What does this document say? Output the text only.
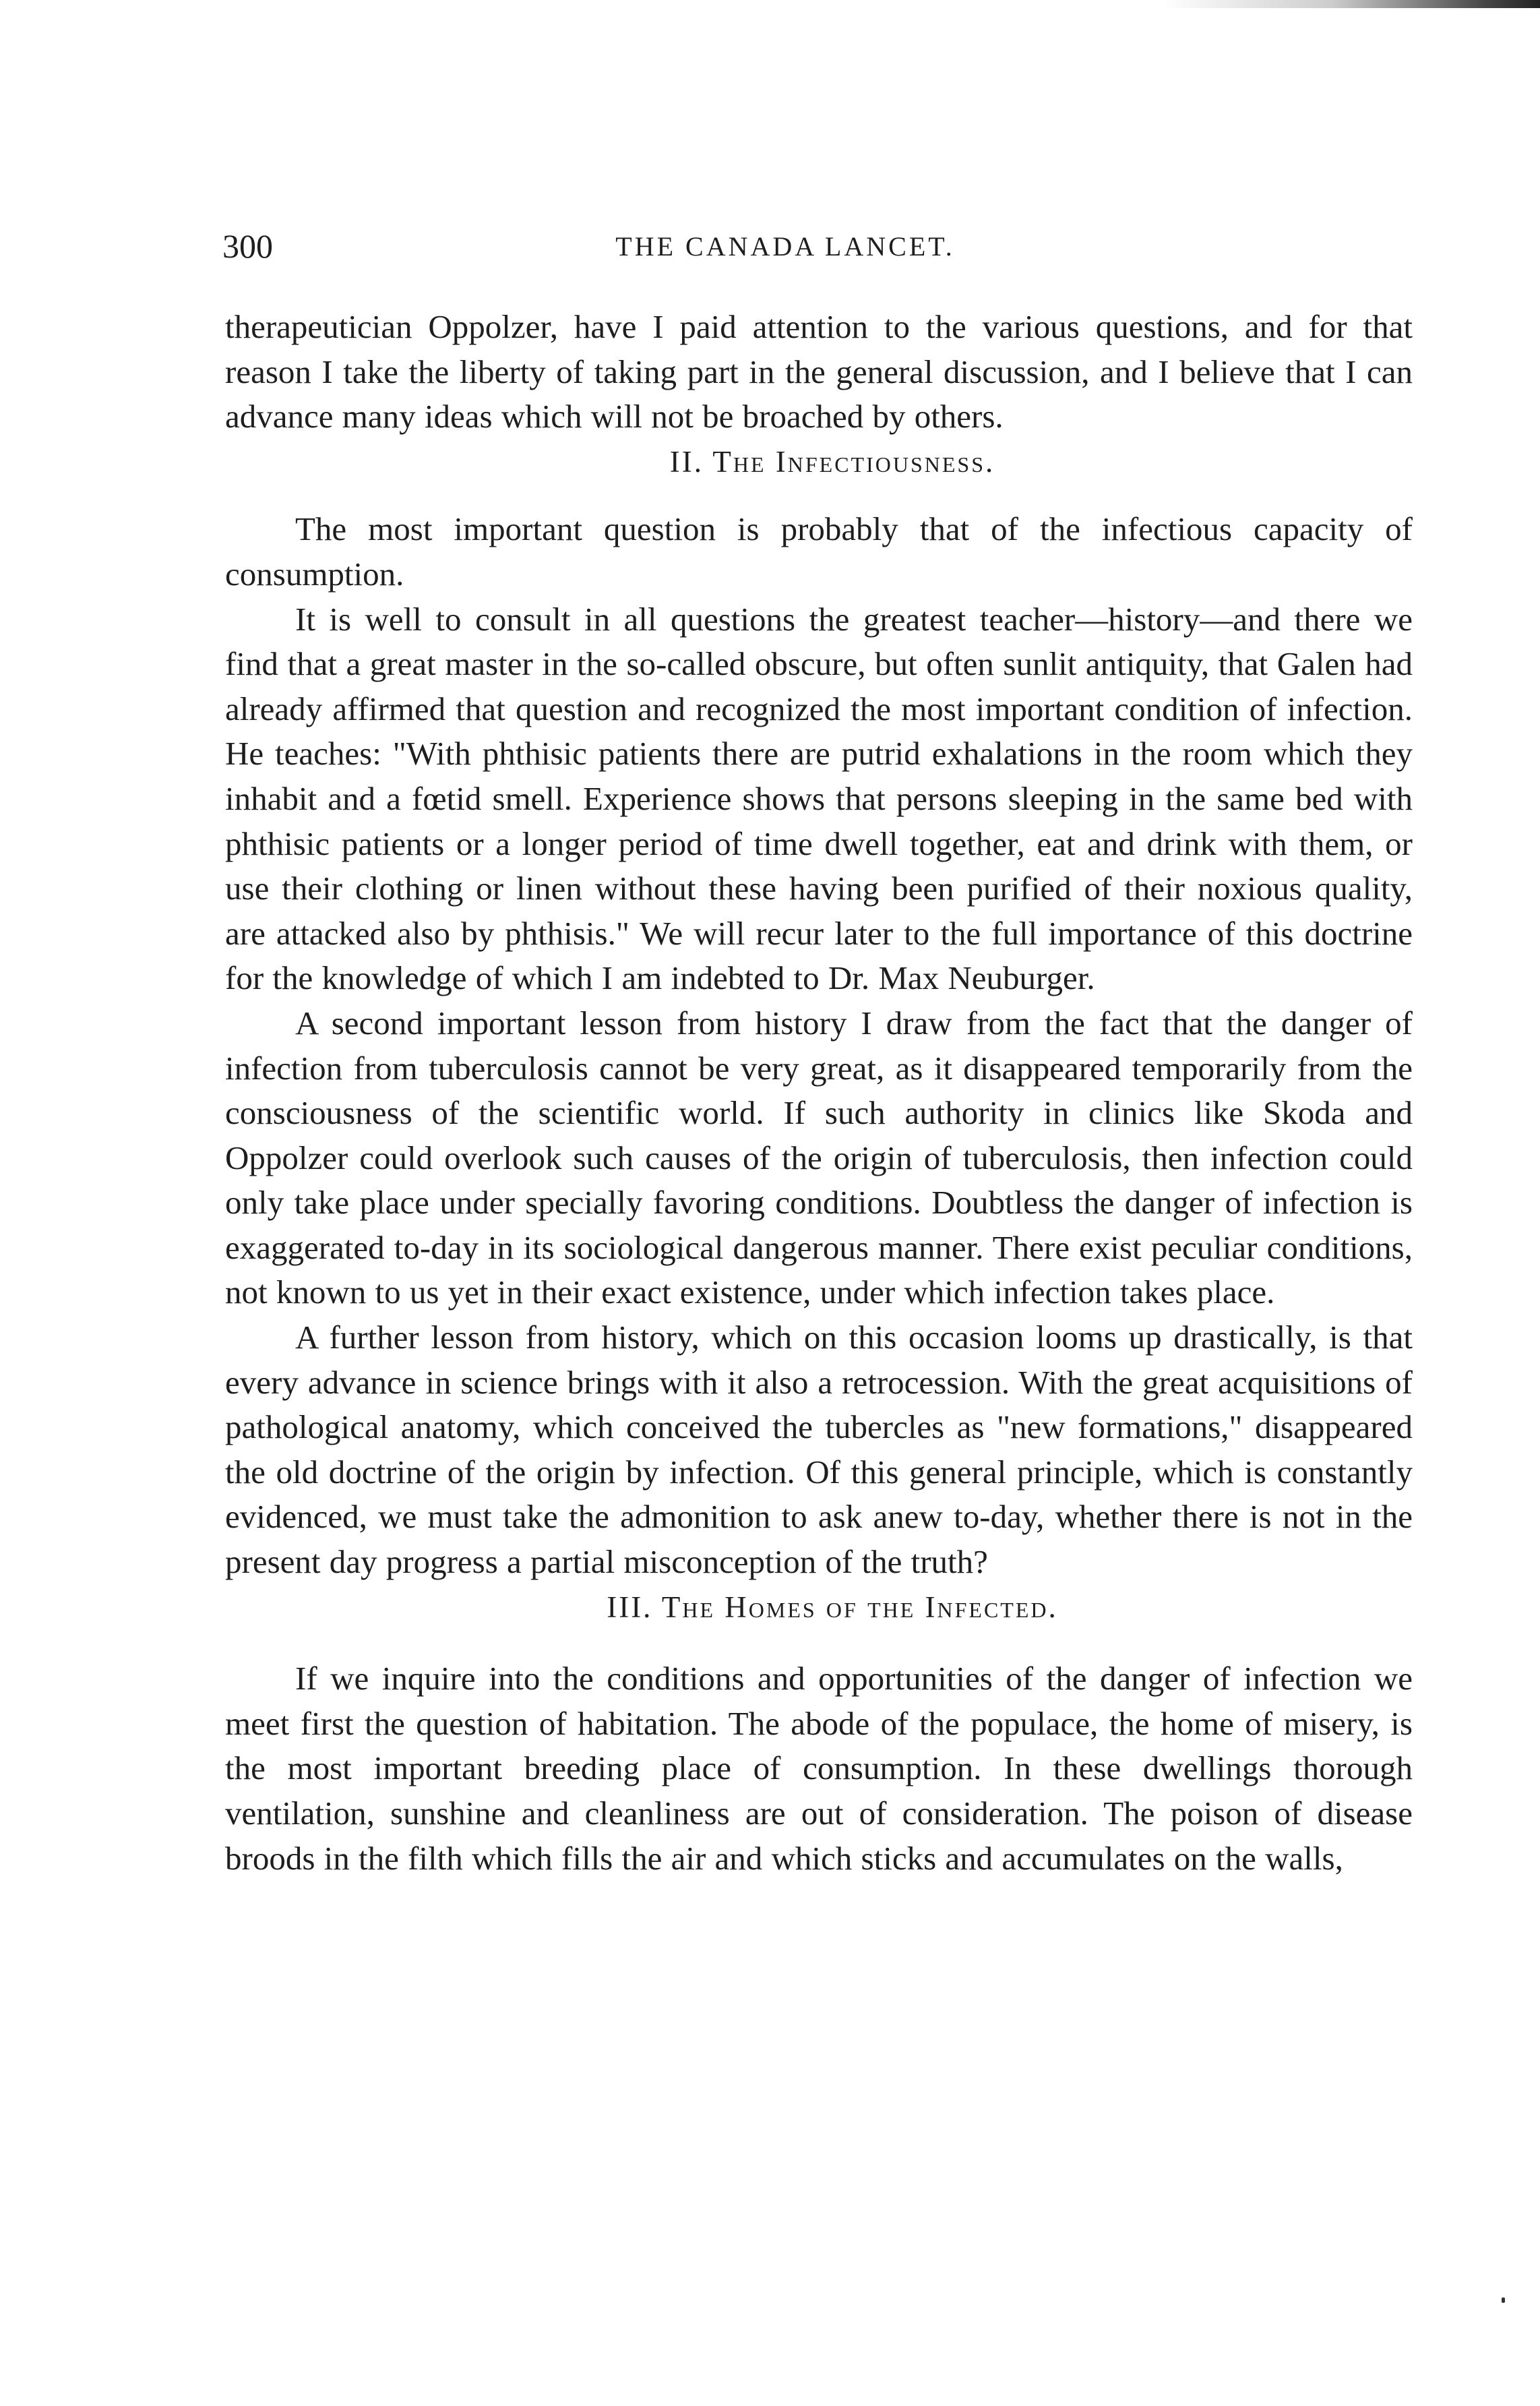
300	THE CANADA LANCET.

therapeutician Oppolzer, have I paid attention to the various questions, and for that reason I take the liberty of taking part in the general discussion, and I believe that I can advance many ideas which will not be broached by others.

II. The Infectiousness.

The most important question is probably that of the infectious capacity of consumption.

It is well to consult in all questions the greatest teacher—history—and there we find that a great master in the so-called obscure, but often sunlit antiquity, that Galen had already affirmed that question and recognized the most important condition of infection. He teaches: "With phthisic patients there are putrid exhalations in the room which they inhabit and a fœtid smell. Experience shows that persons sleeping in the same bed with phthisic patients or a longer period of time dwell together, eat and drink with them, or use their clothing or linen without these having been purified of their noxious quality, are attacked also by phthisis." We will recur later to the full importance of this doctrine for the knowledge of which I am indebted to Dr. Max Neuburger.

A second important lesson from history I draw from the fact that the danger of infection from tuberculosis cannot be very great, as it disappeared temporarily from the consciousness of the scientific world. If such authority in clinics like Skoda and Oppolzer could overlook such causes of the origin of tuberculosis, then infection could only take place under specially favoring conditions. Doubtless the danger of infection is exaggerated to-day in its sociological dangerous manner. There exist peculiar conditions, not known to us yet in their exact existence, under which infection takes place.

A further lesson from history, which on this occasion looms up drastically, is that every advance in science brings with it also a retrocession. With the great acquisitions of pathological anatomy, which conceived the tubercles as "new formations," disappeared the old doctrine of the origin by infection. Of this general principle, which is constantly evidenced, we must take the admonition to ask anew to-day, whether there is not in the present day progress a partial misconception of the truth?

III. The Homes of the Infected.

If we inquire into the conditions and opportunities of the danger of infection we meet first the question of habitation. The abode of the populace, the home of misery, is the most important breeding place of consumption. In these dwellings thorough ventilation, sunshine and cleanliness are out of consideration. The poison of disease broods in the filth which fills the air and which sticks and accumulates on the walls,
